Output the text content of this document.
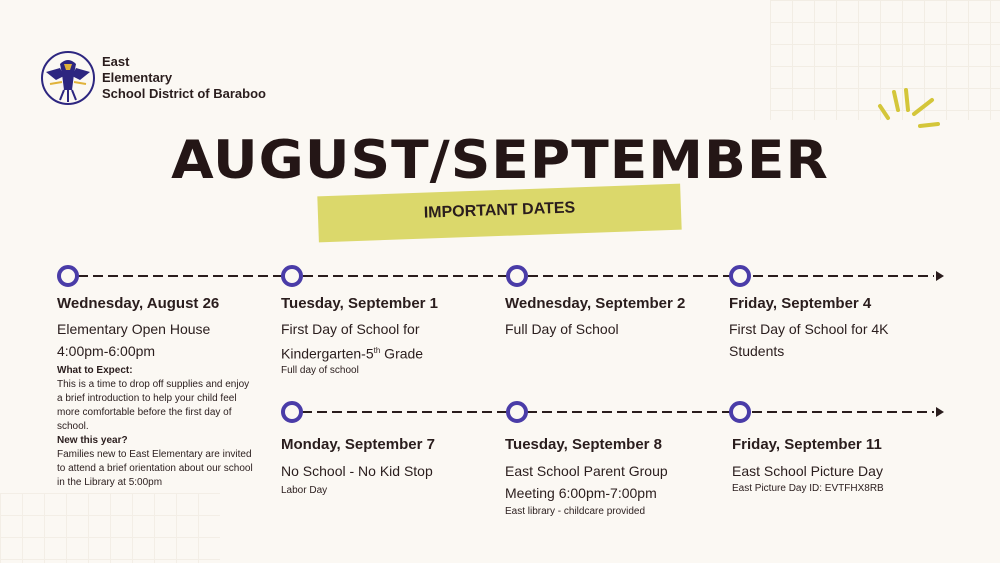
East
Elementary
School District of Baraboo
AUGUST/SEPTEMBER
IMPORTANT DATES
Wednesday, August 26
Elementary Open House
4:00pm-6:00pm
What to Expect:
This is a time to drop off supplies and enjoy a brief introduction to help your child feel more comfortable before the first day of school.
New this year?
Families new to East Elementary are invited to attend a brief orientation about our school in the Library at 5:00pm
Tuesday, September 1
First Day of School for
Kindergarten-5th Grade
Full day of school
Wednesday, September 2
Full Day of School
Friday, September 4
First Day of School for 4K
Students
Monday, September 7
No School - No Kid Stop
Labor Day
Tuesday, September 8
East School Parent Group
Meeting 6:00pm-7:00pm
East library - childcare provided
Friday, September 11
East School Picture Day
East Picture Day ID: EVTFHX8RB
